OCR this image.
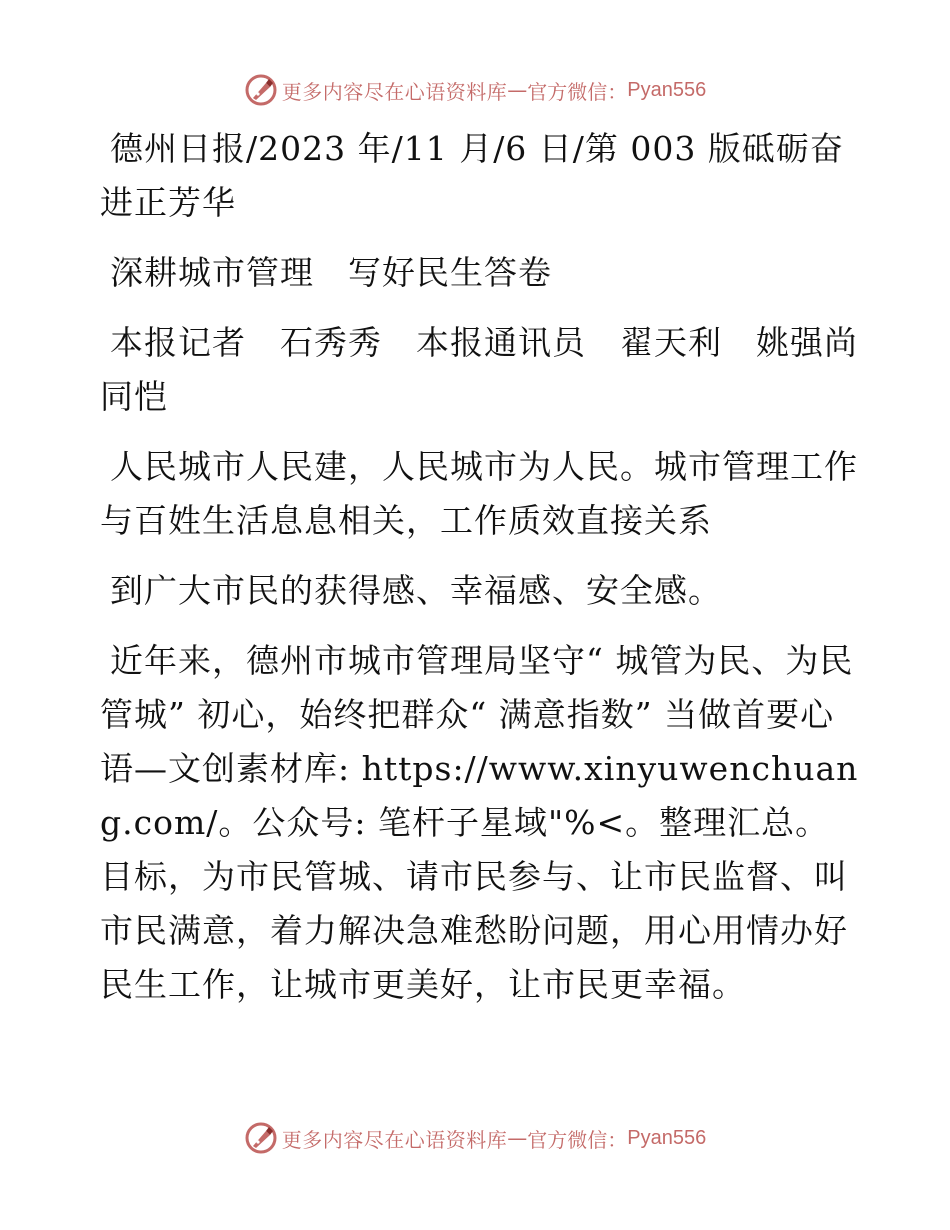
更多内容尽在心语资料库 — 官方微信： Pyan556

德州日报/2023 年/11 月/6 日/第 003 版砥砺奋进正芳华

深耕城市管理　写好民生答卷

本报记者　石秀秀　本报通讯员　翟天利　姚强尚同恺

人民城市人民建，人民城市为人民。城市管理工作与百姓生活息息相关，工作质效直接关系

到广大市民的获得感、幸福感、安全感。

近年来，德州市城市管理局坚守“ 城管为民、为民管城” 初心，始终把群众“ 满意指数” 当做首要心语—文创素材库: https://www.xinyuwenchuang.com/。公众号: 笔杆子星域"%<。整理汇总。目标，为市民管城、请市民参与、让市民监督、叫市民满意，着力解决急难愁盼问题，用心用情办好民生工作，让城市更美好，让市民更幸福。

更多内容尽在心语资料库 — 官方微信： Pyan556
